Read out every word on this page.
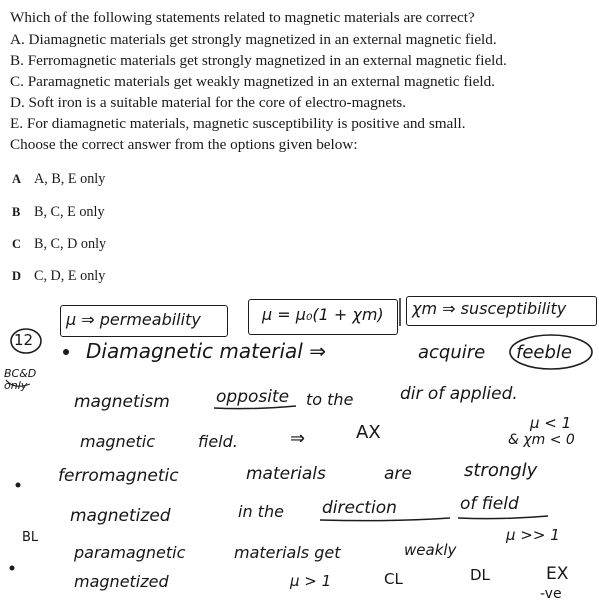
Which of the following statements related to magnetic materials are correct?
A. Diamagnetic materials get strongly magnetized in an external magnetic field.
B. Ferromagnetic materials get strongly magnetized in an external magnetic field.
C. Paramagnetic materials get weakly magnetized in an external magnetic field.
D. Soft iron is a suitable material for the core of electro-magnets.
E. For diamagnetic materials, magnetic susceptibility is positive and small.
Choose the correct answer from the options given below:
A A, B, E only
B B, C, E only
C B, C, D only
D C, D, E only
μ ⇒ permeability	μ = μ₀(1 + χm) χm ⇒ susceptibility
12
BC&D only
Diamagnetic material ⇒	acquire feeble
magnetism	opposite to the	dir of applied.
μ < 1
& χm < 0
magnetic	field.	⇒	AX
ferromagnetic	materials	are	strongly
magnetized	in the direction	of field
μ >> 1
BL
paramagnetic	materials get	weakly
magnetized	μ > 1	CL	DL	EX
-ve
